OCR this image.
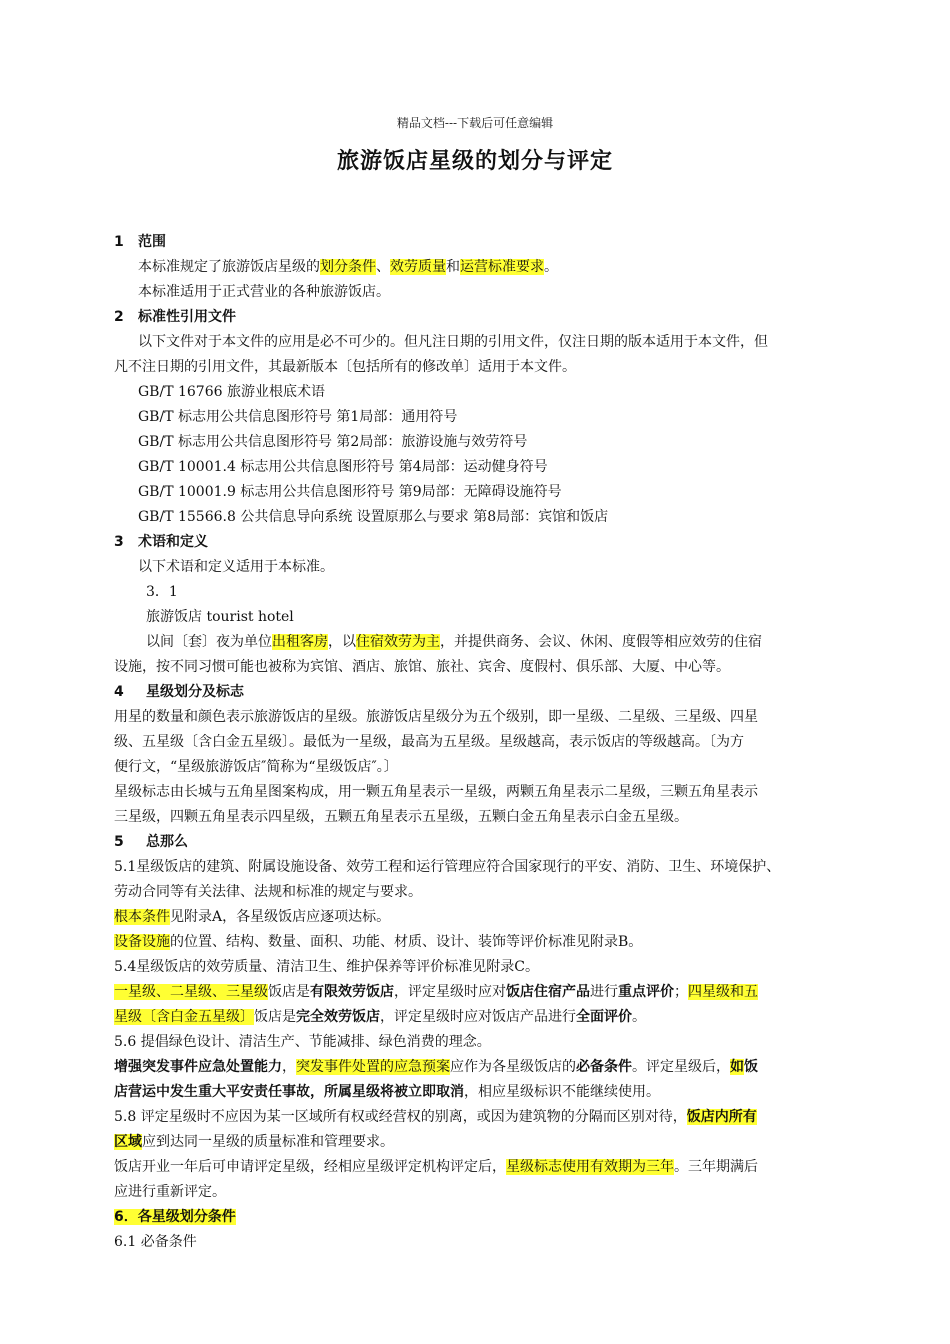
精品文档---下载后可任意编辑
旅游饭店星级的划分与评定
1 范围
本标准规定了旅游饭店星级的划分条件、效劳质量和运营标准要求。
本标准适用于正式营业的各种旅游饭店。
2 标准性引用文件
以下文件对于本文件的应用是必不可少的。但凡注日期的引用文件，仅注日期的版本适用于本文件，但
凡不注日期的引用文件，其最新版本〔包括所有的修改单〕适用于本文件。
GB/T 16766 旅游业根底术语
GB/T 标志用公共信息图形符号 第1局部：通用符号
GB/T 标志用公共信息图形符号 第2局部：旅游设施与效劳符号
GB/T 10001.4 标志用公共信息图形符号 第4局部：运动健身符号
GB/T 10001.9 标志用公共信息图形符号 第9局部：无障碍设施符号
GB/T 15566.8 公共信息导向系统 设置原那么与要求 第8局部：宾馆和饭店
3 术语和定义
以下术语和定义适用于本标准。
3．1
旅游饭店 tourist hotel
以间〔套〕夜为单位出租客房，以住宿效劳为主，并提供商务、会议、休闲、度假等相应效劳的住宿
设施，按不同习惯可能也被称为宾馆、酒店、旅馆、旅社、宾舍、度假村、俱乐部、大厦、中心等。
4 星级划分及标志
用星的数量和颜色表示旅游饭店的星级。旅游饭店星级分为五个级别，即一星级、二星级、三星级、四星
级、五星级〔含白金五星级〕。最低为一星级，最高为五星级。星级越高，表示饭店的等级越高。〔为方
便行文，“星级旅游饭店″简称为“星级饭店″。〕
星级标志由长城与五角星图案构成，用一颗五角星表示一星级，两颗五角星表示二星级，三颗五角星表示
三星级，四颗五角星表示四星级，五颗五角星表示五星级，五颗白金五角星表示白金五星级。
5 总那么
5.1星级饭店的建筑、附属设施设备、效劳工程和运行管理应符合国家现行的平安、消防、卫生、环境保护、
劳动合同等有关法律、法规和标准的规定与要求。
根本条件见附录A，各星级饭店应逐项达标。
设备设施的位置、结构、数量、面积、功能、材质、设计、装饰等评价标准见附录B。
5.4星级饭店的效劳质量、清洁卫生、维护保养等评价标准见附录C。
一星级、二星级、三星级饭店是有限效劳饭店，评定星级时应对饭店住宿产品进行重点评价；四星级和五
星级〔含白金五星级〕饭店是完全效劳饭店，评定星级时应对饭店产品进行全面评价。
5.6 提倡绿色设计、清洁生产、节能减排、绿色消费的理念。
增强突发事件应急处置能力，突发事件处置的应急预案应作为各星级饭店的必备条件。评定星级后，如饭
店营运中发生重大平安责任事故，所属星级将被立即取消，相应星级标识不能继续使用。
5.8 评定星级时不应因为某一区域所有权或经营权的别离，或因为建筑物的分隔而区别对待，饭店内所有
区域应到达同一星级的质量标准和管理要求。
饭店开业一年后可申请评定星级，经相应星级评定机构评定后，星级标志使用有效期为三年。三年期满后
应进行重新评定。
6．各星级划分条件
6.1 必备条件
